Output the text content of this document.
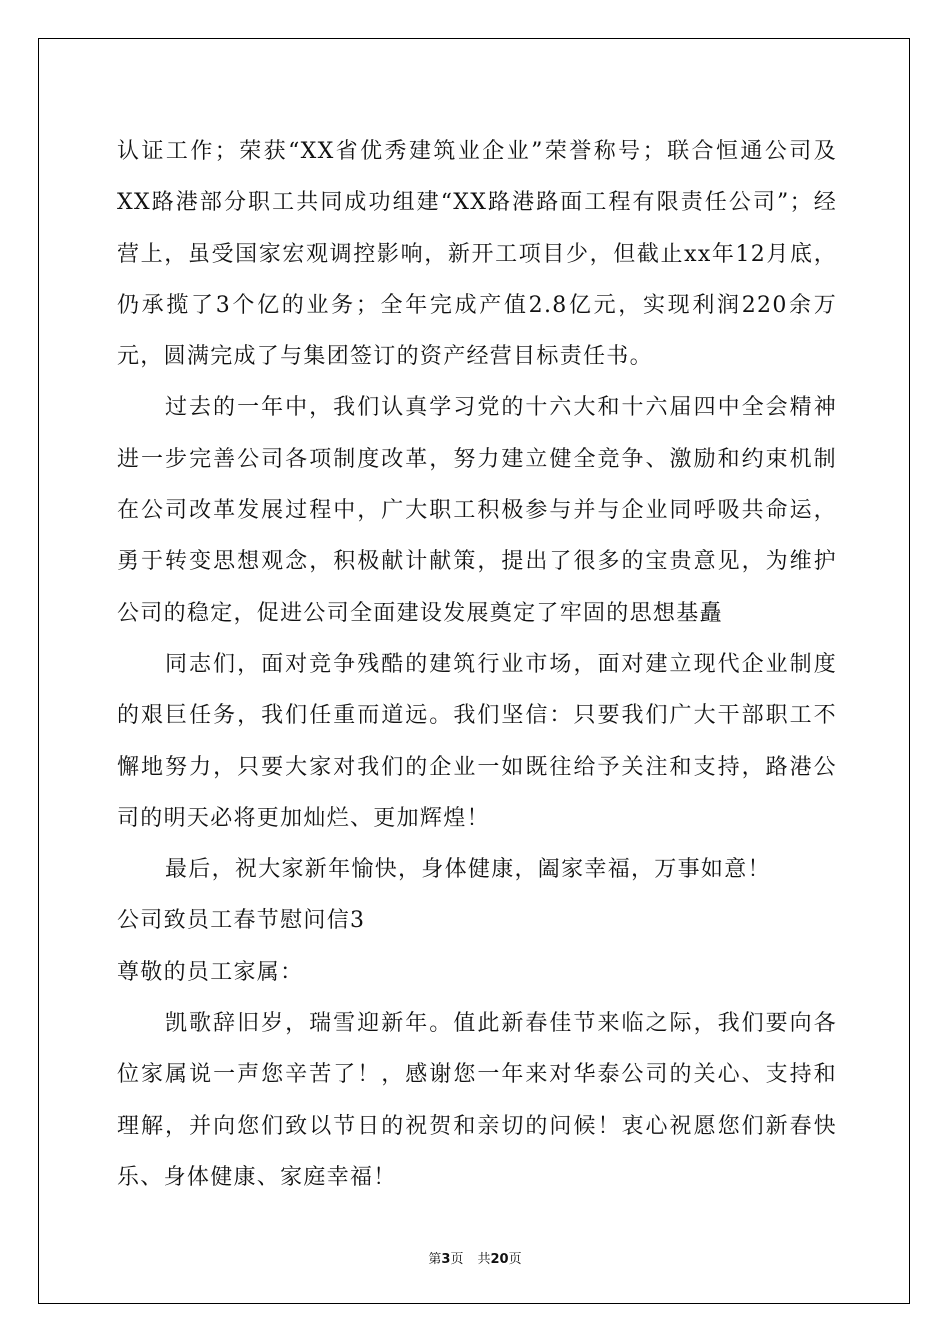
认证工作；荣获“XX省优秀建筑业企业”荣誉称号；联合恒通公司及XX路港部分职工共同成功组建“XX路港路面工程有限责任公司”；经营上，虽受国家宏观调控影响，新开工项目少，但截止xx年12月底，仍承揽了3个亿的业务；全年完成产值2.8亿元，实现利润220余万元，圆满完成了与集团签订的资产经营目标责任书。

过去的一年中，我们认真学习党的十六大和十六届四中全会精神进一步完善公司各项制度改革，努力建立健全竞争、激励和约束机制在公司改革发展过程中，广大职工积极参与并与企业同呼吸共命运，勇于转变思想观念，积极献计献策，提出了很多的宝贵意见，为维护公司的稳定，促进公司全面建设发展奠定了牢固的思想基矗

同志们，面对竞争残酷的建筑行业市场，面对建立现代企业制度的艰巨任务，我们任重而道远。我们坚信：只要我们广大干部职工不懈地努力，只要大家对我们的企业一如既往给予关注和支持，路港公司的明天必将更加灿烂、更加辉煌！

最后，祝大家新年愉快，身体健康，阖家幸福，万事如意！

公司致员工春节慰问信3

尊敬的员工家属：

凯歌辞旧岁，瑞雪迎新年。值此新春佳节来临之际，我们要向各位家属说一声您辛苦了！，感谢您一年来对华泰公司的关心、支持和理解，并向您们致以节日的祝贺和亲切的问候！衷心祝愿您们新春快乐、身体健康、家庭幸福！

第3页 共20页
